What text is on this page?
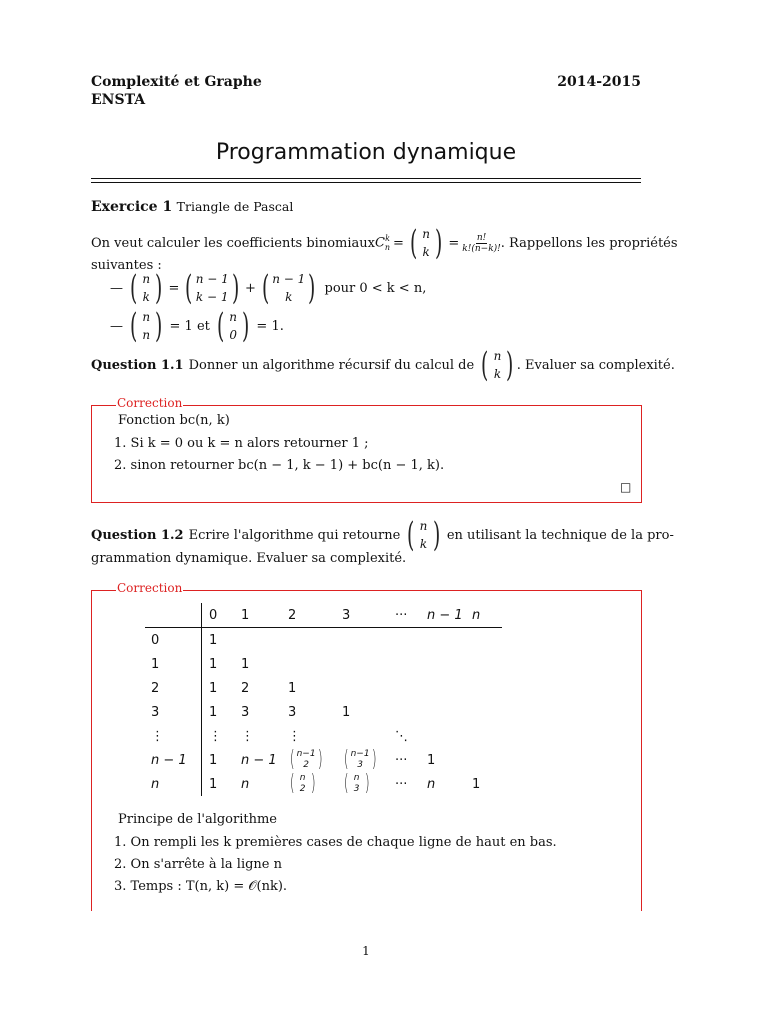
Complexité et Graphe
ENSTA
2014-2015
Programmation dynamique
Exercice 1 Triangle de Pascal
On veut calculer les coefficients binomiaux $C_n^k$ = ( n
k ) = $\frac{n!}{k!(n-k)!}$ . Rappellons les propriétés
suivantes :
— ( n
k ) = ( n − 1
k − 1 ) + ( n − 1
k ) pour 0 < k < n,
— ( n
n ) = 1 et ( n
0 ) = 1.
Question 1.1 Donner un algorithme récursif du calcul de ( n
k ) . Evaluer sa complexité.
Correction
Fonction bc(n, k)
1. Si k = 0 ou k = n alors retourner 1 ;
2. sinon retourner bc(n − 1, k − 1) + bc(n − 1, k).
□
Question 1.2 Ecrire l'algorithme qui retourne ( n
k ) en utilisant la technique de la pro-
grammation dynamique. Evaluer sa complexité.
Correction
	0	1	2	3	···	n − 1	n
0	1						
1	1	1					
2	1	2	1				
3	1	3	3	1			
⋮	⋮	⋮	⋮		⋱		
n − 1	1	n − 1	( n−1
2 )	( n−1
3 )	···	1	
n	1	n	( n
2 )	( n
3 )	···	n	1
Principe de l'algorithme
1. On rempli les k premières cases de chaque ligne de haut en bas.
2. On s'arrête à la ligne n
3. Temps : T(n, k) = 𝒪(nk).
1
